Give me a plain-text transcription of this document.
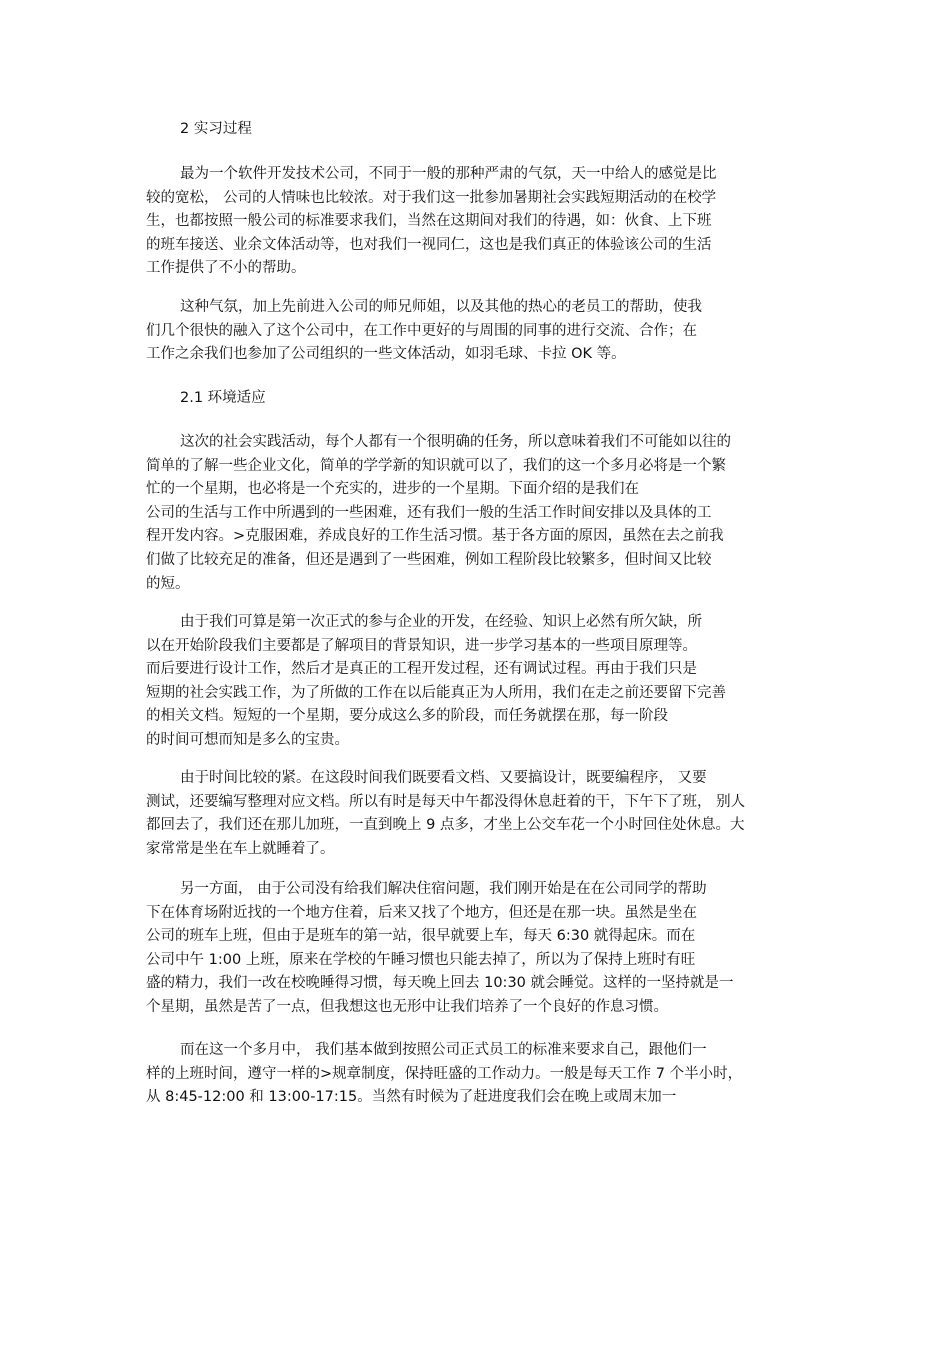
2 实习过程
最为一个软件开发技术公司，不同于一般的那种严肃的气氛，天一中给人的感觉是比
较的宽松， 公司的人情味也比较浓。对于我们这一批参加暑期社会实践短期活动的在校学
生，也都按照一般公司的标准要求我们，当然在这期间对我们的待遇，如：伙食、上下班
的班车接送、业余文体活动等，也对我们一视同仁，这也是我们真正的体验该公司的生活
工作提供了不小的帮助。
这种气氛，加上先前进入公司的师兄师姐，以及其他的热心的老员工的帮助，使我
们几个很快的融入了这个公司中，在工作中更好的与周围的同事的进行交流、合作；在
工作之余我们也参加了公司组织的一些文体活动，如羽毛球、卡拉 OK 等。
2.1 环境适应
这次的社会实践活动，每个人都有一个很明确的任务，所以意味着我们不可能如以往的
简单的了解一些企业文化，简单的学学新的知识就可以了，我们的这一个多月必将是一个繁
忙的一个星期，也必将是一个充实的，进步的一个星期。下面介绍的是我们在
公司的生活与工作中所遇到的一些困难，还有我们一般的生活工作时间安排以及具体的工
程开发内容。>克服困难，养成良好的工作生活习惯。基于各方面的原因，虽然在去之前我
们做了比较充足的准备，但还是遇到了一些困难，例如工程阶段比较繁多，但时间又比较
的短。
由于我们可算是第一次正式的参与企业的开发，在经验、知识上必然有所欠缺，所
以在开始阶段我们主要都是了解项目的背景知识，进一步学习基本的一些项目原理等。
而后要进行设计工作，然后才是真正的工程开发过程，还有调试过程。再由于我们只是
短期的社会实践工作，为了所做的工作在以后能真正为人所用，我们在走之前还要留下完善
的相关文档。短短的一个星期，要分成这么多的阶段，而任务就摆在那，每一阶段
的时间可想而知是多么的宝贵。
由于时间比较的紧。在这段时间我们既要看文档、又要搞设计，既要编程序， 又要
测试，还要编写整理对应文档。所以有时是每天中午都没得休息赶着的干，下午下了班， 别人
都回去了，我们还在那儿加班，一直到晚上 9 点多，才坐上公交车花一个小时回住处休息。大
家常常是坐在车上就睡着了。
另一方面， 由于公司没有给我们解决住宿问题，我们刚开始是在在公司同学的帮助
下在体育场附近找的一个地方住着，后来又找了个地方，但还是在那一块。虽然是坐在
公司的班车上班，但由于是班车的第一站，很早就要上车，每天 6:30 就得起床。而在
公司中午 1:00 上班，原来在学校的午睡习惯也只能去掉了，所以为了保持上班时有旺
盛的精力，我们一改在校晚睡得习惯，每天晚上回去 10:30 就会睡觉。这样的一坚持就是一
个星期，虽然是苦了一点，但我想这也无形中让我们培养了一个良好的作息习惯。
而在这一个多月中， 我们基本做到按照公司正式员工的标准来要求自己，跟他们一
样的上班时间，遵守一样的>规章制度，保持旺盛的工作动力。一般是每天工作 7 个半小时，
从 8:45-12:00 和 13:00-17:15。当然有时候为了赶进度我们会在晚上或周末加一
